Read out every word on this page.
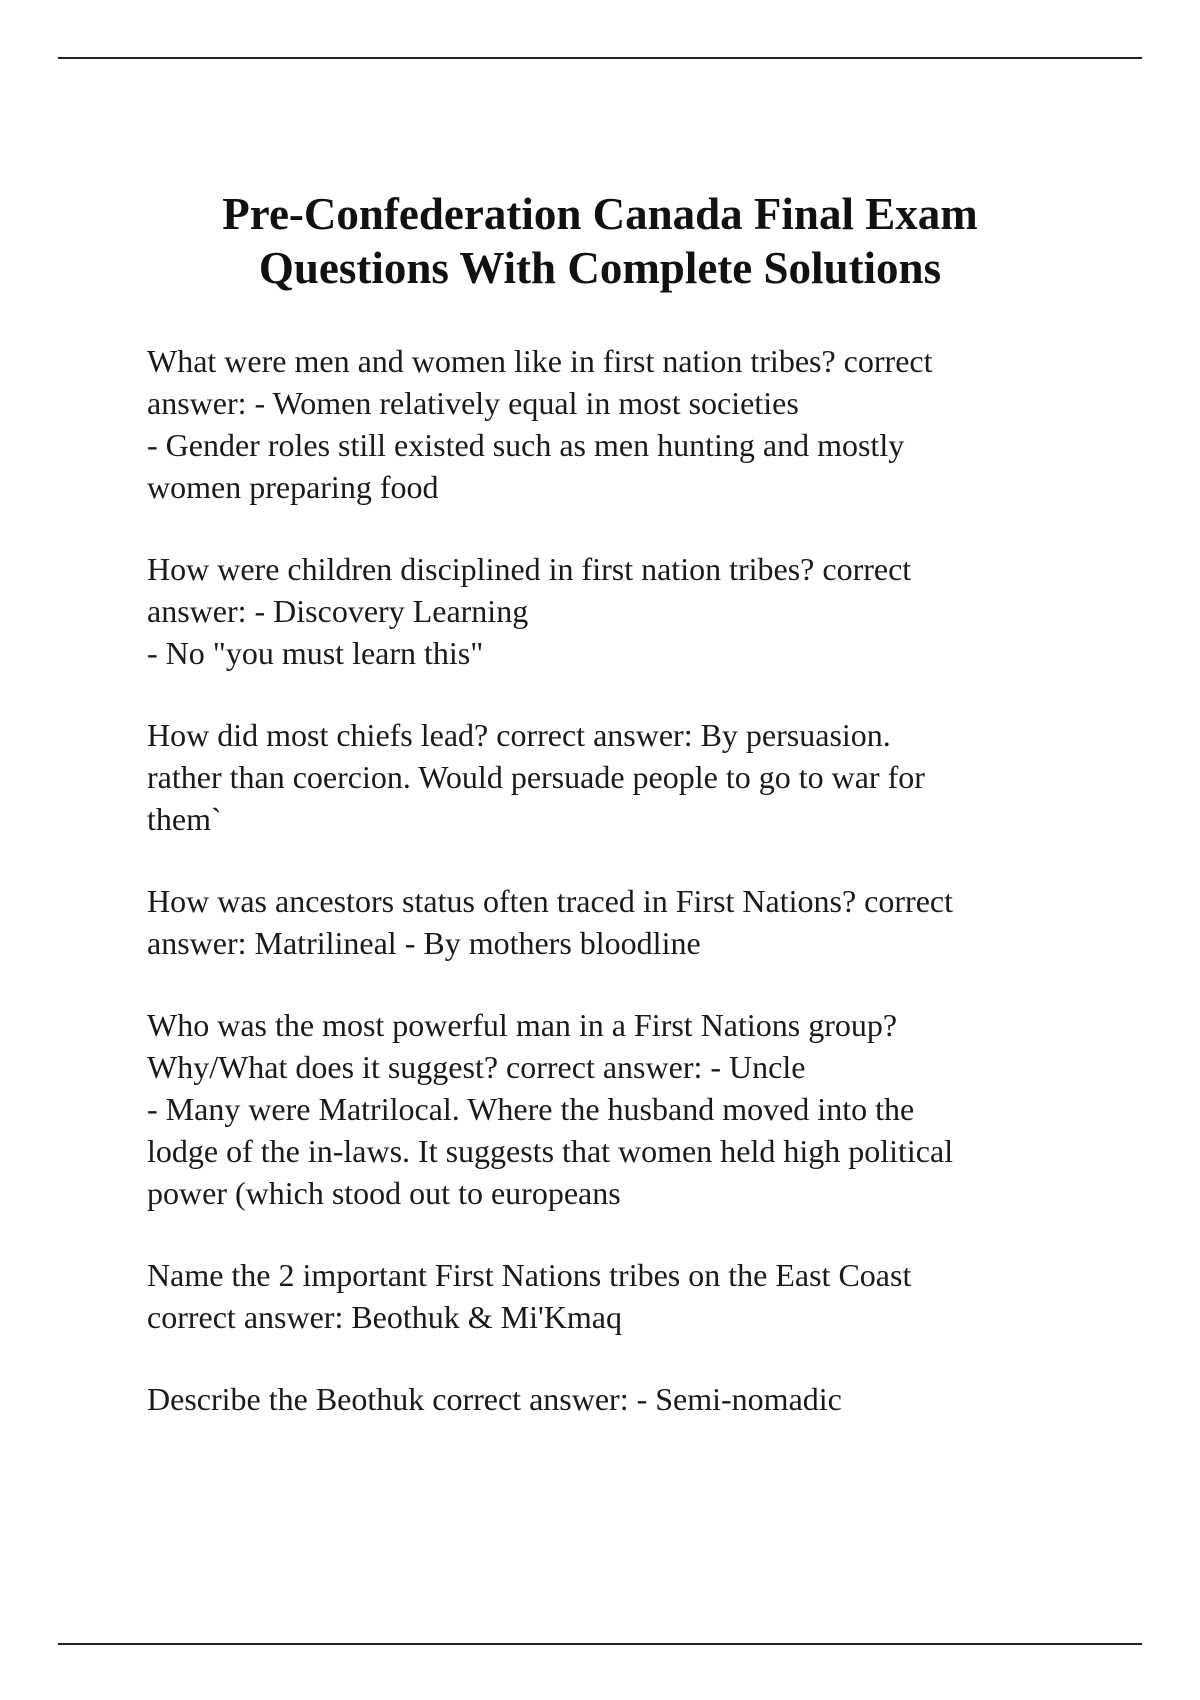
Pre-Confederation Canada Final Exam
Questions With Complete Solutions
What were men and women like in first nation tribes? correct
answer: - Women relatively equal in most societies
- Gender roles still existed such as men hunting and mostly
women preparing food
How were children disciplined in first nation tribes? correct
answer: - Discovery Learning
- No "you must learn this"
How did most chiefs lead? correct answer: By persuasion.
rather than coercion. Would persuade people to go to war for
them`
How was ancestors status often traced in First Nations? correct
answer: Matrilineal - By mothers bloodline
Who was the most powerful man in a First Nations group?
Why/What does it suggest? correct answer: - Uncle
- Many were Matrilocal. Where the husband moved into the
lodge of the in-laws. It suggests that women held high political
power (which stood out to europeans
Name the 2 important First Nations tribes on the East Coast
correct answer: Beothuk & Mi'Kmaq
Describe the Beothuk correct answer: - Semi-nomadic
